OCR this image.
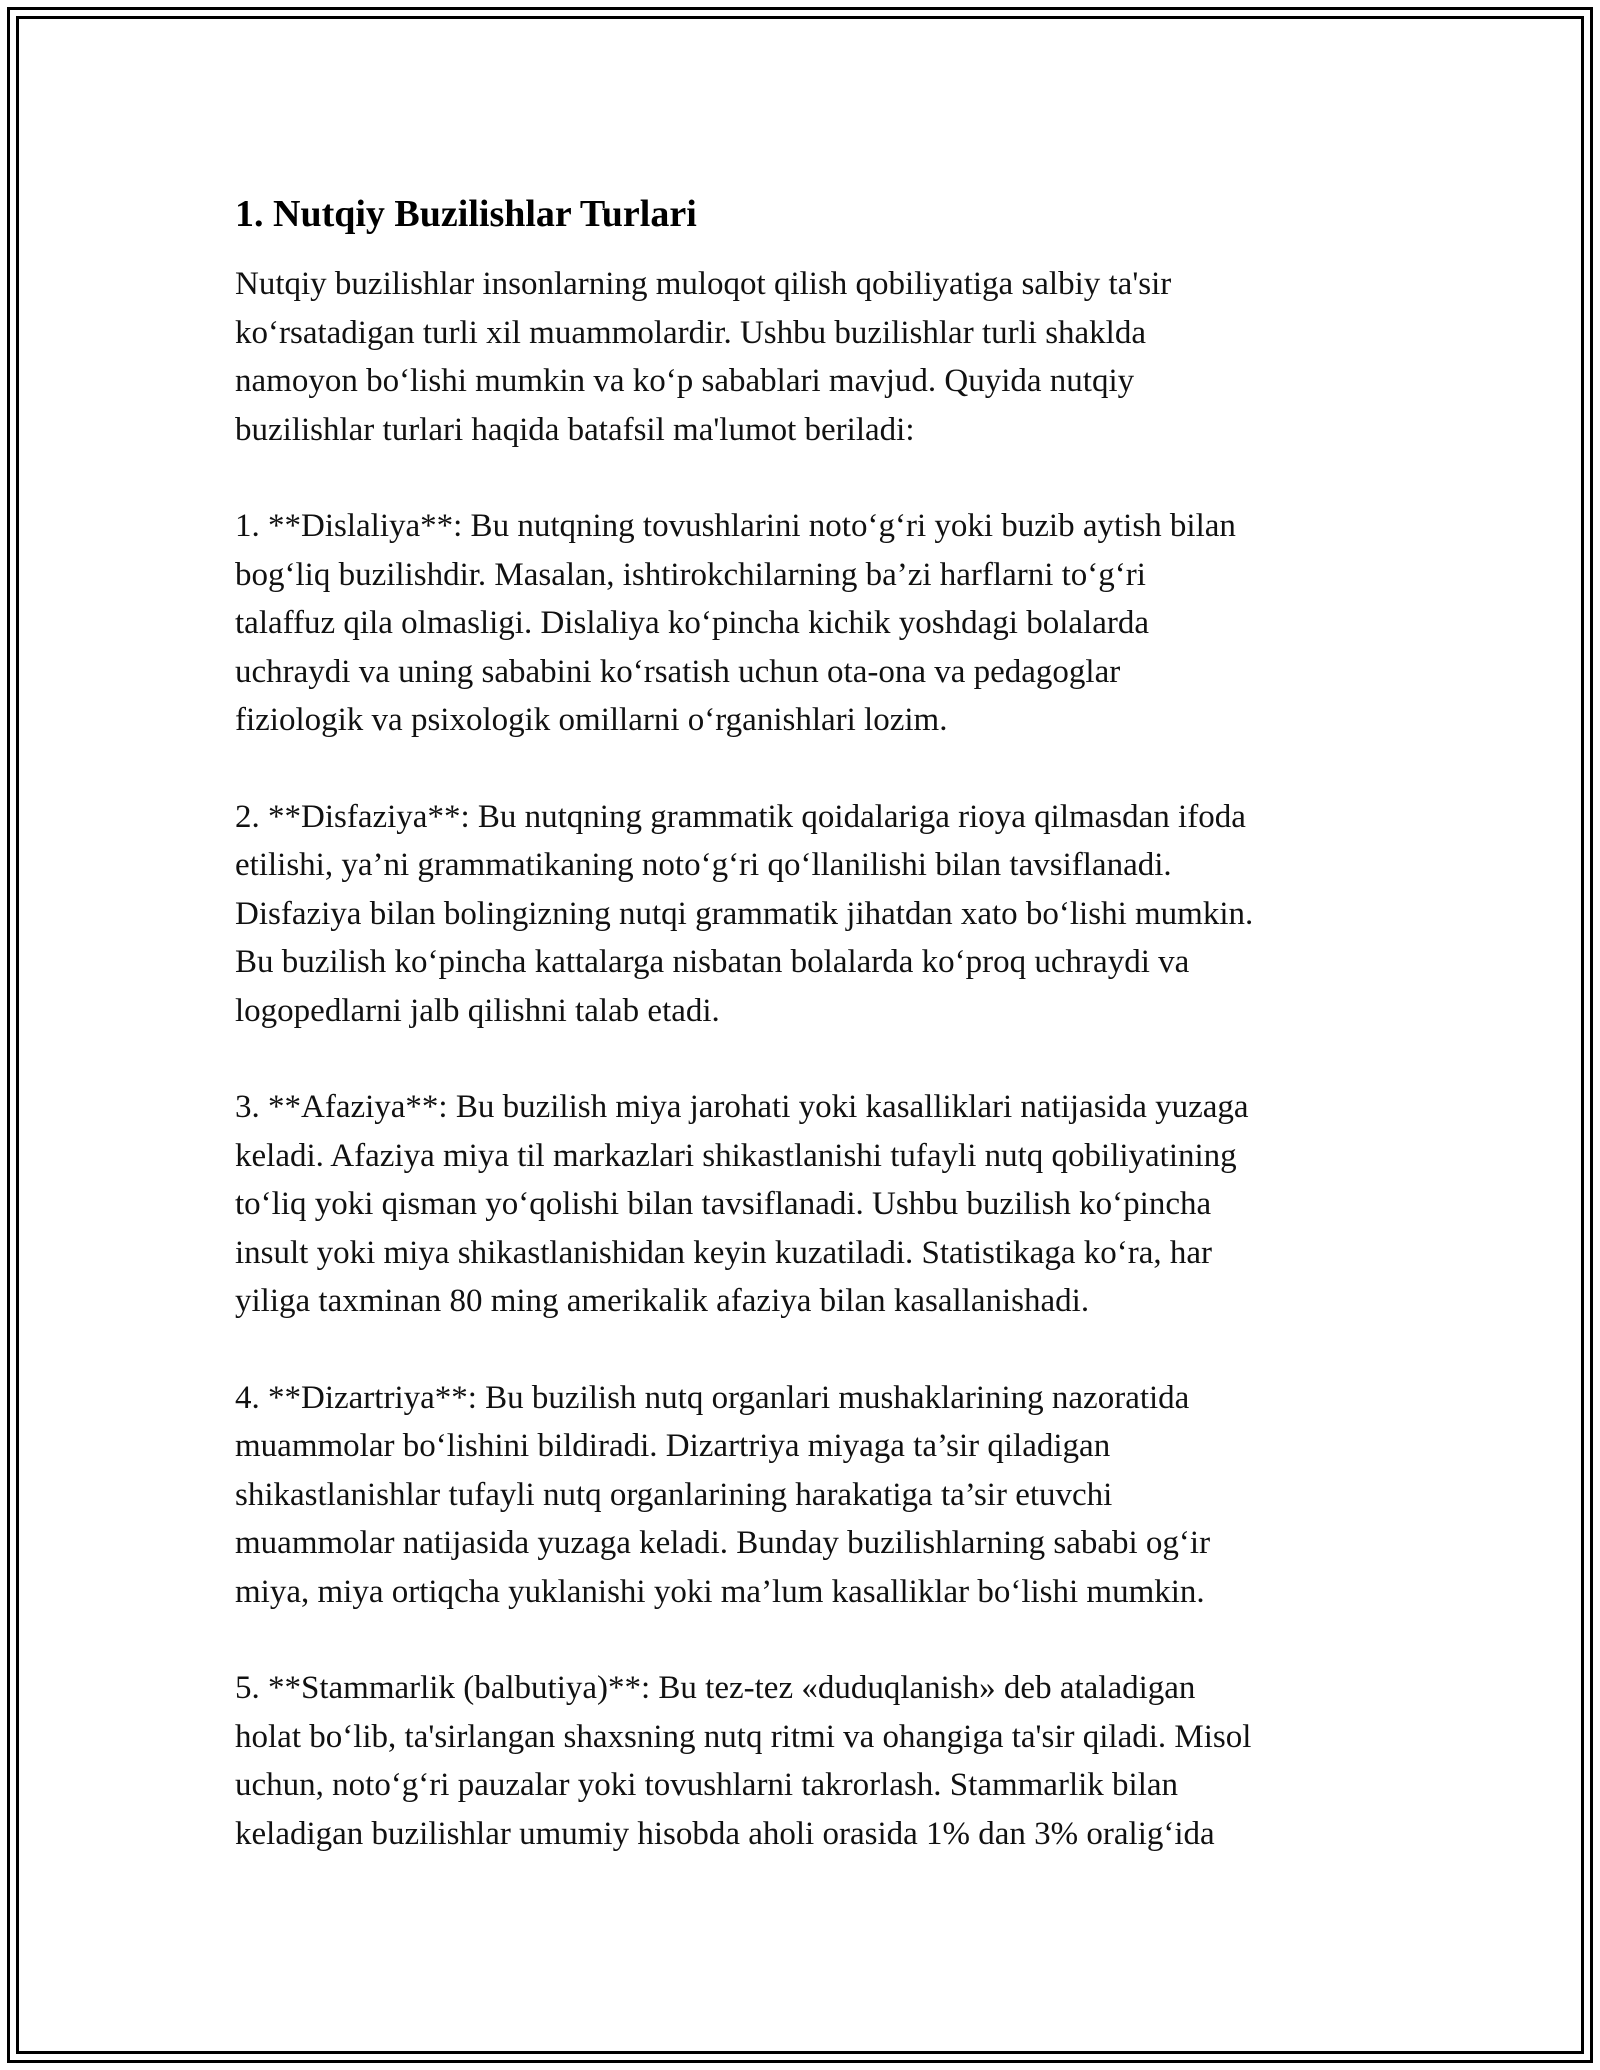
1. Nutqiy Buzilishlar Turlari

Nutqiy buzilishlar insonlarning muloqot qilish qobiliyatiga salbiy ta'sir
ko‘rsatadigan turli xil muammolardir. Ushbu buzilishlar turli shaklda
namoyon bo‘lishi mumkin va ko‘p sabablari mavjud. Quyida nutqiy
buzilishlar turlari haqida batafsil ma'lumot beriladi:

1. **Dislaliya**: Bu nutqning tovushlarini noto‘g‘ri yoki buzib aytish bilan
bog‘liq buzilishdir. Masalan, ishtirokchilarning ba’zi harflarni to‘g‘ri
talaffuz qila olmasligi. Dislaliya ko‘pincha kichik yoshdagi bolalarda
uchraydi va uning sababini ko‘rsatish uchun ota-ona va pedagoglar
fiziologik va psixologik omillarni o‘rganishlari lozim.

2. **Disfaziya**: Bu nutqning grammatik qoidalariga rioya qilmasdan ifoda
etilishi, ya’ni grammatikaning noto‘g‘ri qo‘llanilishi bilan tavsiflanadi.
Disfaziya bilan bolingizning nutqi grammatik jihatdan xato bo‘lishi mumkin.
Bu buzilish ko‘pincha kattalarga nisbatan bolalarda ko‘proq uchraydi va
logopedlarni jalb qilishni talab etadi.

3. **Afaziya**: Bu buzilish miya jarohati yoki kasalliklari natijasida yuzaga
keladi. Afaziya miya til markazlari shikastlanishi tufayli nutq qobiliyatining
to‘liq yoki qisman yo‘qolishi bilan tavsiflanadi. Ushbu buzilish ko‘pincha
insult yoki miya shikastlanishidan keyin kuzatiladi. Statistikaga ko‘ra, har
yiliga taxminan 80 ming amerikalik afaziya bilan kasallanishadi.

4. **Dizartriya**: Bu buzilish nutq organlari mushaklarining nazoratida
muammolar bo‘lishini bildiradi. Dizartriya miyaga ta’sir qiladigan
shikastlanishlar tufayli nutq organlarining harakatiga ta’sir etuvchi
muammolar natijasida yuzaga keladi. Bunday buzilishlarning sababi og‘ir
miya, miya ortiqcha yuklanishi yoki ma’lum kasalliklar bo‘lishi mumkin.

5. **Stammarlik (balbutiya)**: Bu tez-tez «duduqlanish» deb ataladigan
holat bo‘lib, ta'sirlangan shaxsning nutq ritmi va ohangiga ta'sir qiladi. Misol
uchun, noto‘g‘ri pauzalar yoki tovushlarni takrorlash. Stammarlik bilan
keladigan buzilishlar umumiy hisobda aholi orasida 1% dan 3% oralig‘ida
